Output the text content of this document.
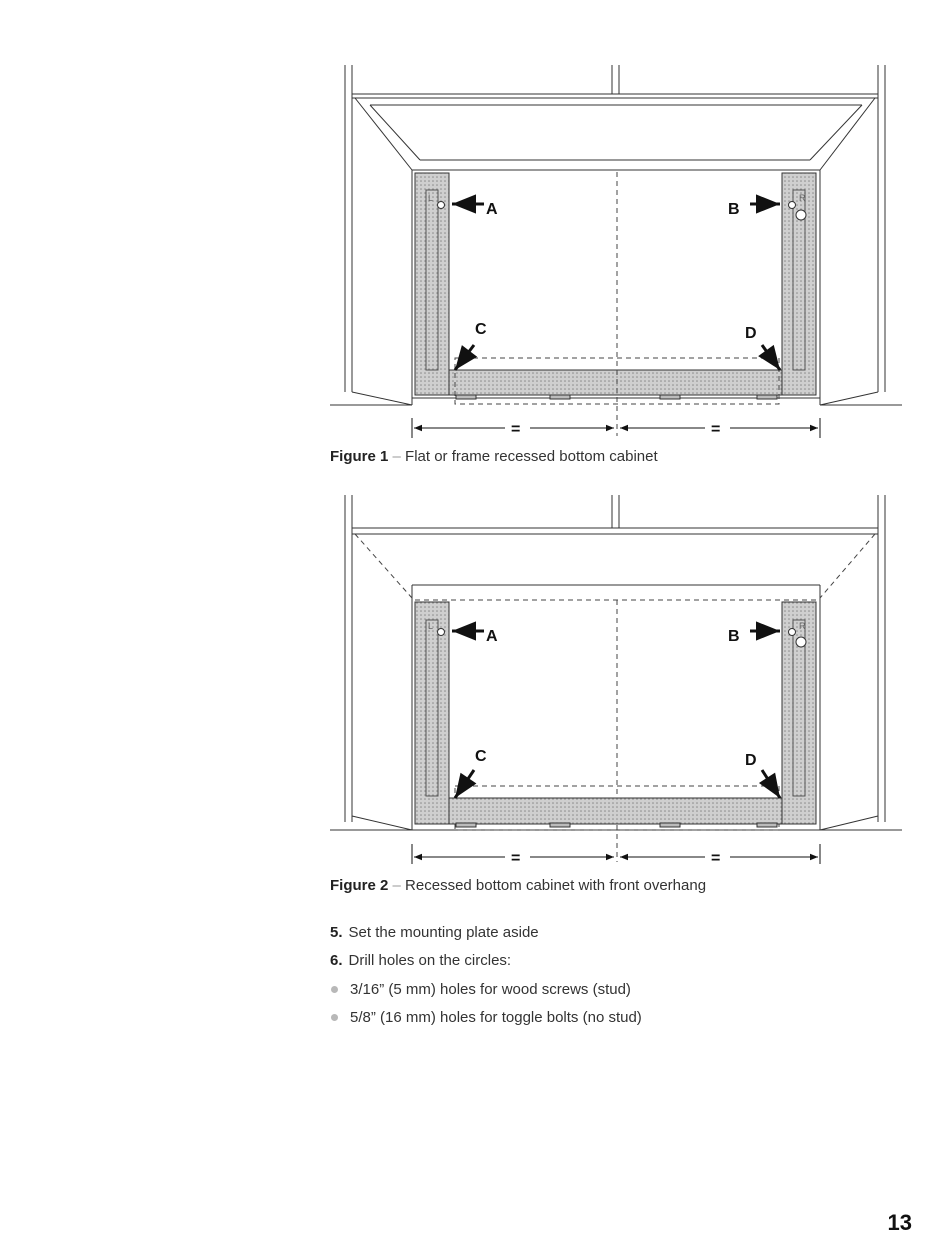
L	R
A	B
C	D
=	=
Figure 1 – Flat or frame recessed bottom cabinet
L	R
A	B
C	D
=	=
Figure 2 – Recessed bottom cabinet with front overhang
5. Set the mounting plate aside
6. Drill holes on the circles:
3/16” (5 mm) holes for wood screws (stud)
5/8” (16 mm) holes for toggle bolts (no stud)
13
